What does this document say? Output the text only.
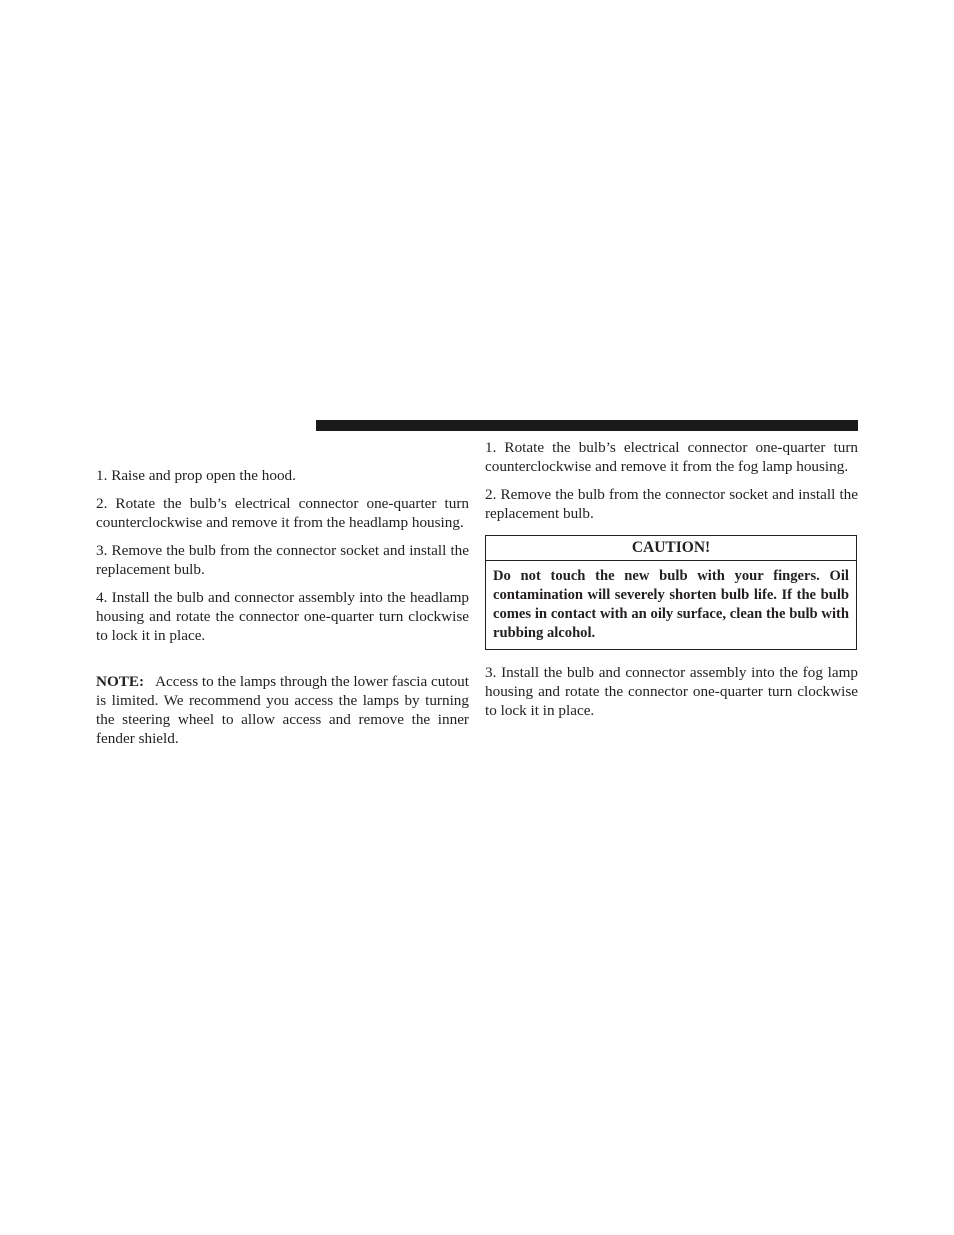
1. Raise and prop open the hood.

2. Rotate the bulb’s electrical connector one-quarter turn counterclockwise and remove it from the headlamp housing.

3. Remove the bulb from the connector socket and install the replacement bulb.

4. Install the bulb and connector assembly into the headlamp housing and rotate the connector one-quarter turn clockwise to lock it in place.

NOTE: Access to the lamps through the lower fascia cutout is limited. We recommend you access the lamps by turning the steering wheel to allow access and remove the inner fender shield.

1. Rotate the bulb’s electrical connector one-quarter turn counterclockwise and remove it from the fog lamp housing.

2. Remove the bulb from the connector socket and install the replacement bulb.

CAUTION!
Do not touch the new bulb with your fingers. Oil contamination will severely shorten bulb life. If the bulb comes in contact with an oily surface, clean the bulb with rubbing alcohol.

3. Install the bulb and connector assembly into the fog lamp housing and rotate the connector one-quarter turn clockwise to lock it in place.
